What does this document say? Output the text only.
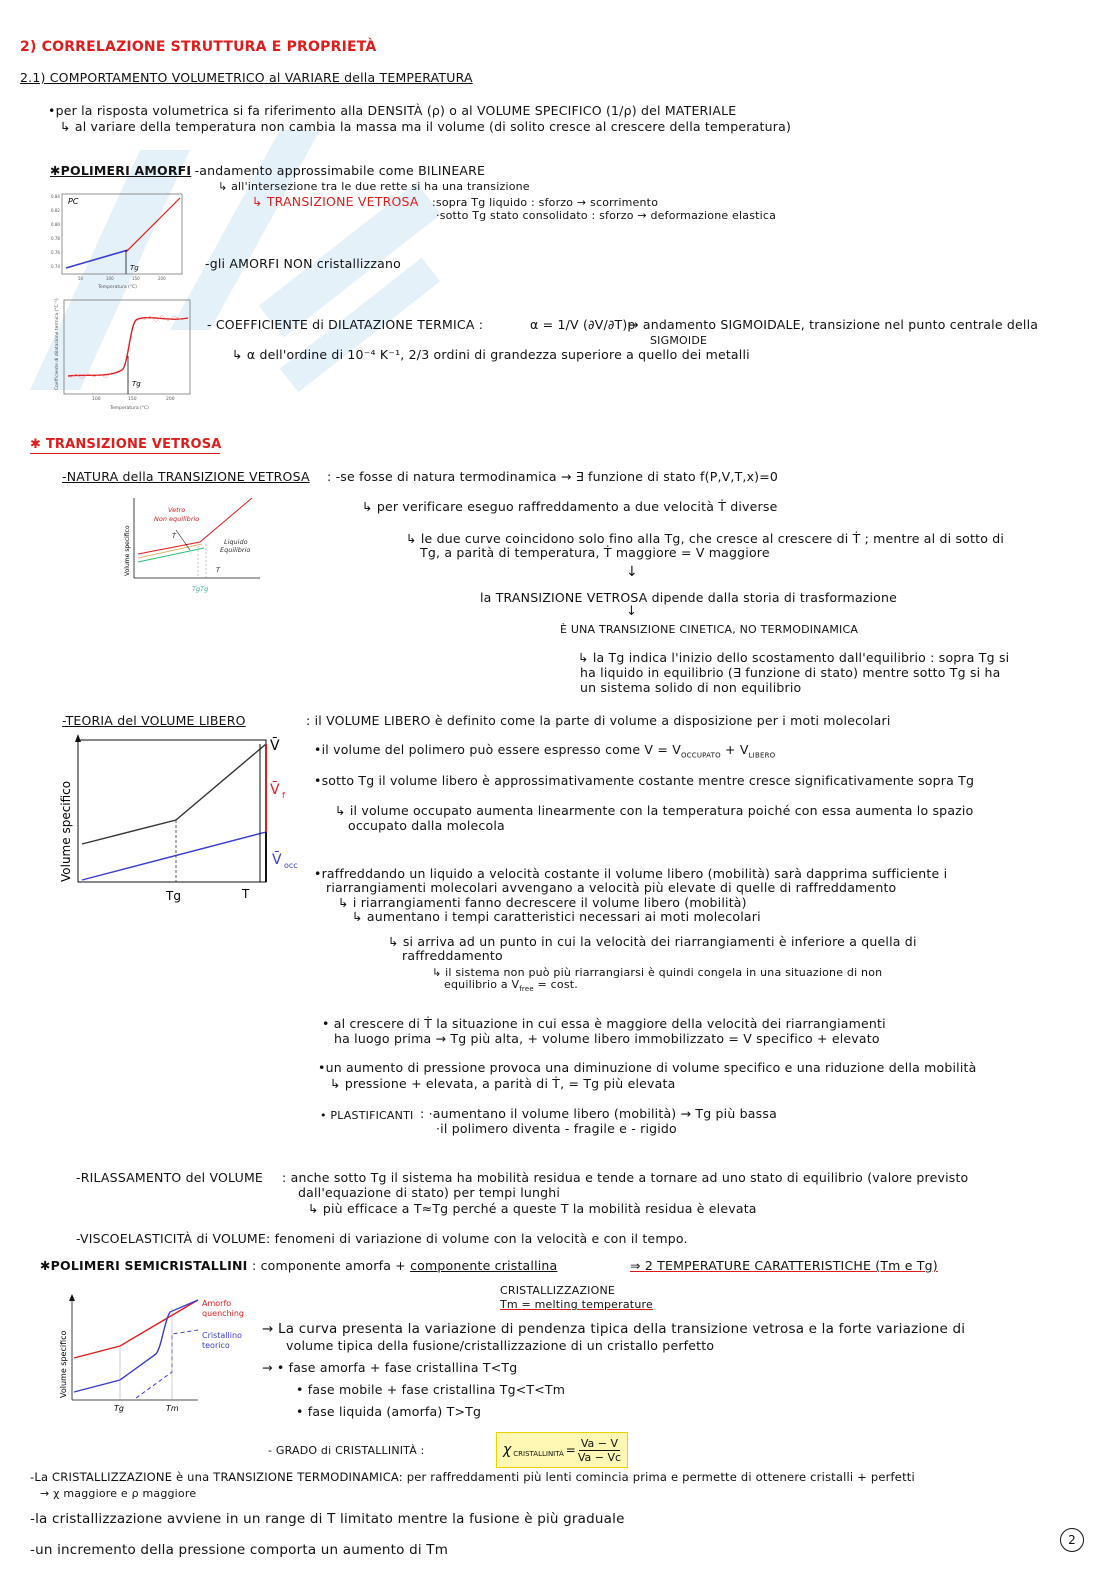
2) CORRELAZIONE STRUTTURA E PROPRIETÀ
2.1) COMPORTAMENTO VOLUMETRICO al VARIARE della TEMPERATURA
•per la risposta volumetrica si fa riferimento alla DENSITÀ (ρ) o al VOLUME SPECIFICO (1/ρ) del MATERIALE
↳ al variare della temperatura non cambia la massa ma il volume (di solito cresce al crescere della temperatura)
✱POLIMERI AMORFI
: -andamento approssimabile come BILINEARE
↳ all'intersezione tra le due rette si ha una transizione
↳ TRANSIZIONE VETROSA :sopra Tg liquido : sforzo → scorrimento
·sotto Tg stato consolidato : sforzo → deformazione elastica
-gli AMORFI NON cristallizzano
PC
0.84
0.82
0.80
0.78
0.76
0.74
50	100	150	200
Tg
Temperatura (°C)
Tg
100	150	200
Temperatura (°C)
Coefficiente di dilatazione termica (°C⁻¹)	- COEFFICIENTE di DILATAZIONE TERMICA :	α = 1/V (∂V/∂T)p
→ andamento SIGMOIDALE, transizione nel punto centrale della
SIGMOIDE
↳ α dell'ordine di 10⁻⁴ K⁻¹, 2/3 ordini di grandezza superiore a quello dei metalli
✱ TRANSIZIONE VETROSA
-NATURA della TRANSIZIONE VETROSA : -se fosse di natura termodinamica → ∃ funzione di stato f(P,V,T,x)=0
↳ per verificare eseguo raffreddamento a due velocità Ṫ diverse
↳ le due curve coincidono solo fino alla Tg, che cresce al crescere di Ṫ ; mentre al di sotto di
Tg, a parità di temperatura, Ṫ maggiore = V maggiore
↓
la TRANSIZIONE VETROSA dipende dalla storia di trasformazione
↓
È UNA TRANSIZIONE CINETICA, NO TERMODINAMICA
↳ la Tg indica l'inizio dello scostamento dall'equilibrio : sopra Tg si
ha liquido in equilibrio (∃ funzione di stato) mentre sotto Tg si ha
un sistema solido di non equilibrio
Vetro
Non equilibrio
Liquido
Equilibrio
Ṫ
T
TgTg
Volume specifico
-TEORIA del VOLUME LIBERO	: il VOLUME LIBERO è definito come la parte di volume a disposizione per i moti molecolari
•il volume del polimero può essere espresso come $V = V_{OCCUPATO} + V_{LIBERO}$
•sotto Tg il volume libero è approssimativamente costante mentre cresce significativamente sopra Tg
↳ il volume occupato aumenta linearmente con la temperatura poiché con essa aumenta lo spazio
occupato dalla molecola
•raffreddando un liquido a velocità costante il volume libero (mobilità) sarà dapprima sufficiente i
riarrangiamenti molecolari avvengano a velocità più elevate di quelle di raffreddamento
↳ i riarrangiamenti fanno decrescere il volume libero (mobilità)
↳ aumentano i tempi caratteristici necessari ai moti molecolari
↳ si arriva ad un punto in cui la velocità dei riarrangiamenti è inferiore a quella di
raffreddamento
↳ il sistema non può più riarrangiarsi è quindi congela in una situazione di non
equilibrio a $V_{free} = \cos t$.
• al crescere di Ṫ la situazione in cui essa è maggiore della velocità dei riarrangiamenti
ha luogo prima → Tg più alta, + volume libero immobilizzato = V specifico + elevato
•un aumento di pressione provoca una diminuzione di volume specifico e una riduzione della mobilità
↳ pressione + elevata, a parità di Ṫ, = Tg più elevata
• PLASTIFICANTI : ·aumentano il volume libero (mobilità) → Tg più bassa
·il polimero diventa - fragile e - rigido
Volume specifico
Tg	T
V̄
V̄ f
V̄ occ
-RILASSAMENTO del VOLUME : anche sotto Tg il sistema ha mobilità residua e tende a tornare ad uno stato di equilibrio (valore previsto
dall'equazione di stato) per tempi lunghi
↳ più efficace a T≈Tg perché a queste T la mobilità residua è elevata
-VISCOELASTICITÀ di VOLUME: fenomeni di variazione di volume con la velocità e con il tempo.
✱POLIMERI SEMICRISTALLINI : componente amorfa + componente cristallina	⇒ 2 TEMPERATURE CARATTERISTICHE (Tm e Tg)
CRISTALLIZZAZIONE
Tm = melting temperature
→ La curva presenta la variazione di pendenza tipica della transizione vetrosa e la forte variazione di
volume tipica della fusione/cristallizzazione di un cristallo perfetto
→ • fase amorfa + fase cristallina T<Tg
• fase mobile + fase cristallina Tg<T<Tm
• fase liquida (amorfa) T>Tg
- GRADO di CRISTALLINITÀ :	χ CRISTALLINITÀ = $\frac{Va - V}{Va - Vc}$
Amorfo
quenching
Cristallino
teorico
Tg	Tm
Volume specifico
-La CRISTALLIZZAZIONE è una TRANSIZIONE TERMODINAMICA: per raffreddamenti più lenti comincia prima e permette di ottenere cristalli + perfetti
→ χ maggiore e ρ maggiore
-la cristallizzazione avviene in un range di T limitato mentre la fusione è più graduale
-un incremento della pressione comporta un aumento di Tm
2
